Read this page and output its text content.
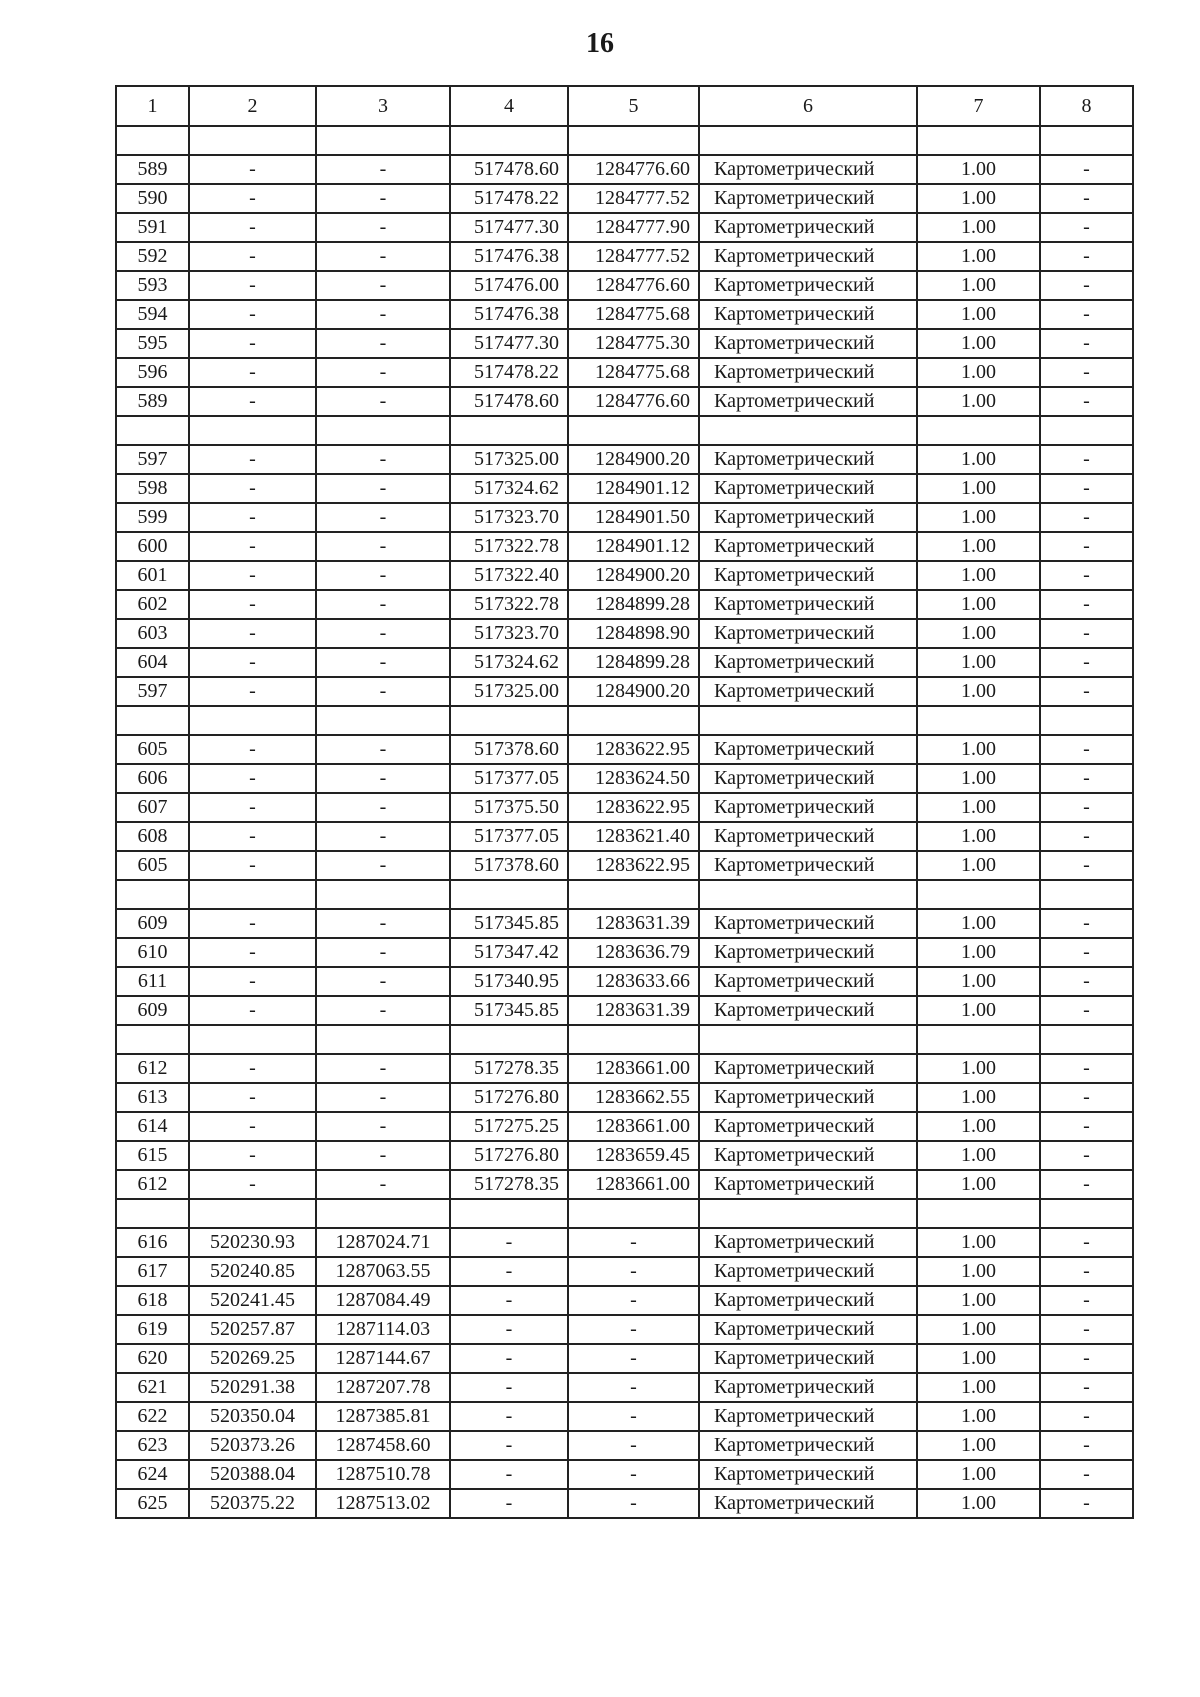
16
1	2	3	4	5	6	7	8

589	-	-	517478.60	1284776.60	Картометрический	1.00	-
590	-	-	517478.22	1284777.52	Картометрический	1.00	-
591	-	-	517477.30	1284777.90	Картометрический	1.00	-
592	-	-	517476.38	1284777.52	Картометрический	1.00	-
593	-	-	517476.00	1284776.60	Картометрический	1.00	-
594	-	-	517476.38	1284775.68	Картометрический	1.00	-
595	-	-	517477.30	1284775.30	Картометрический	1.00	-
596	-	-	517478.22	1284775.68	Картометрический	1.00	-
589	-	-	517478.60	1284776.60	Картометрический	1.00	-

597	-	-	517325.00	1284900.20	Картометрический	1.00	-
598	-	-	517324.62	1284901.12	Картометрический	1.00	-
599	-	-	517323.70	1284901.50	Картометрический	1.00	-
600	-	-	517322.78	1284901.12	Картометрический	1.00	-
601	-	-	517322.40	1284900.20	Картометрический	1.00	-
602	-	-	517322.78	1284899.28	Картометрический	1.00	-
603	-	-	517323.70	1284898.90	Картометрический	1.00	-
604	-	-	517324.62	1284899.28	Картометрический	1.00	-
597	-	-	517325.00	1284900.20	Картометрический	1.00	-

605	-	-	517378.60	1283622.95	Картометрический	1.00	-
606	-	-	517377.05	1283624.50	Картометрический	1.00	-
607	-	-	517375.50	1283622.95	Картометрический	1.00	-
608	-	-	517377.05	1283621.40	Картометрический	1.00	-
605	-	-	517378.60	1283622.95	Картометрический	1.00	-

609	-	-	517345.85	1283631.39	Картометрический	1.00	-
610	-	-	517347.42	1283636.79	Картометрический	1.00	-
611	-	-	517340.95	1283633.66	Картометрический	1.00	-
609	-	-	517345.85	1283631.39	Картометрический	1.00	-

612	-	-	517278.35	1283661.00	Картометрический	1.00	-
613	-	-	517276.80	1283662.55	Картометрический	1.00	-
614	-	-	517275.25	1283661.00	Картометрический	1.00	-
615	-	-	517276.80	1283659.45	Картометрический	1.00	-
612	-	-	517278.35	1283661.00	Картометрический	1.00	-

616	520230.93	1287024.71	-	-	Картометрический	1.00	-
617	520240.85	1287063.55	-	-	Картометрический	1.00	-
618	520241.45	1287084.49	-	-	Картометрический	1.00	-
619	520257.87	1287114.03	-	-	Картометрический	1.00	-
620	520269.25	1287144.67	-	-	Картометрический	1.00	-
621	520291.38	1287207.78	-	-	Картометрический	1.00	-
622	520350.04	1287385.81	-	-	Картометрический	1.00	-
623	520373.26	1287458.60	-	-	Картометрический	1.00	-
624	520388.04	1287510.78	-	-	Картометрический	1.00	-
625	520375.22	1287513.02	-	-	Картометрический	1.00	-
